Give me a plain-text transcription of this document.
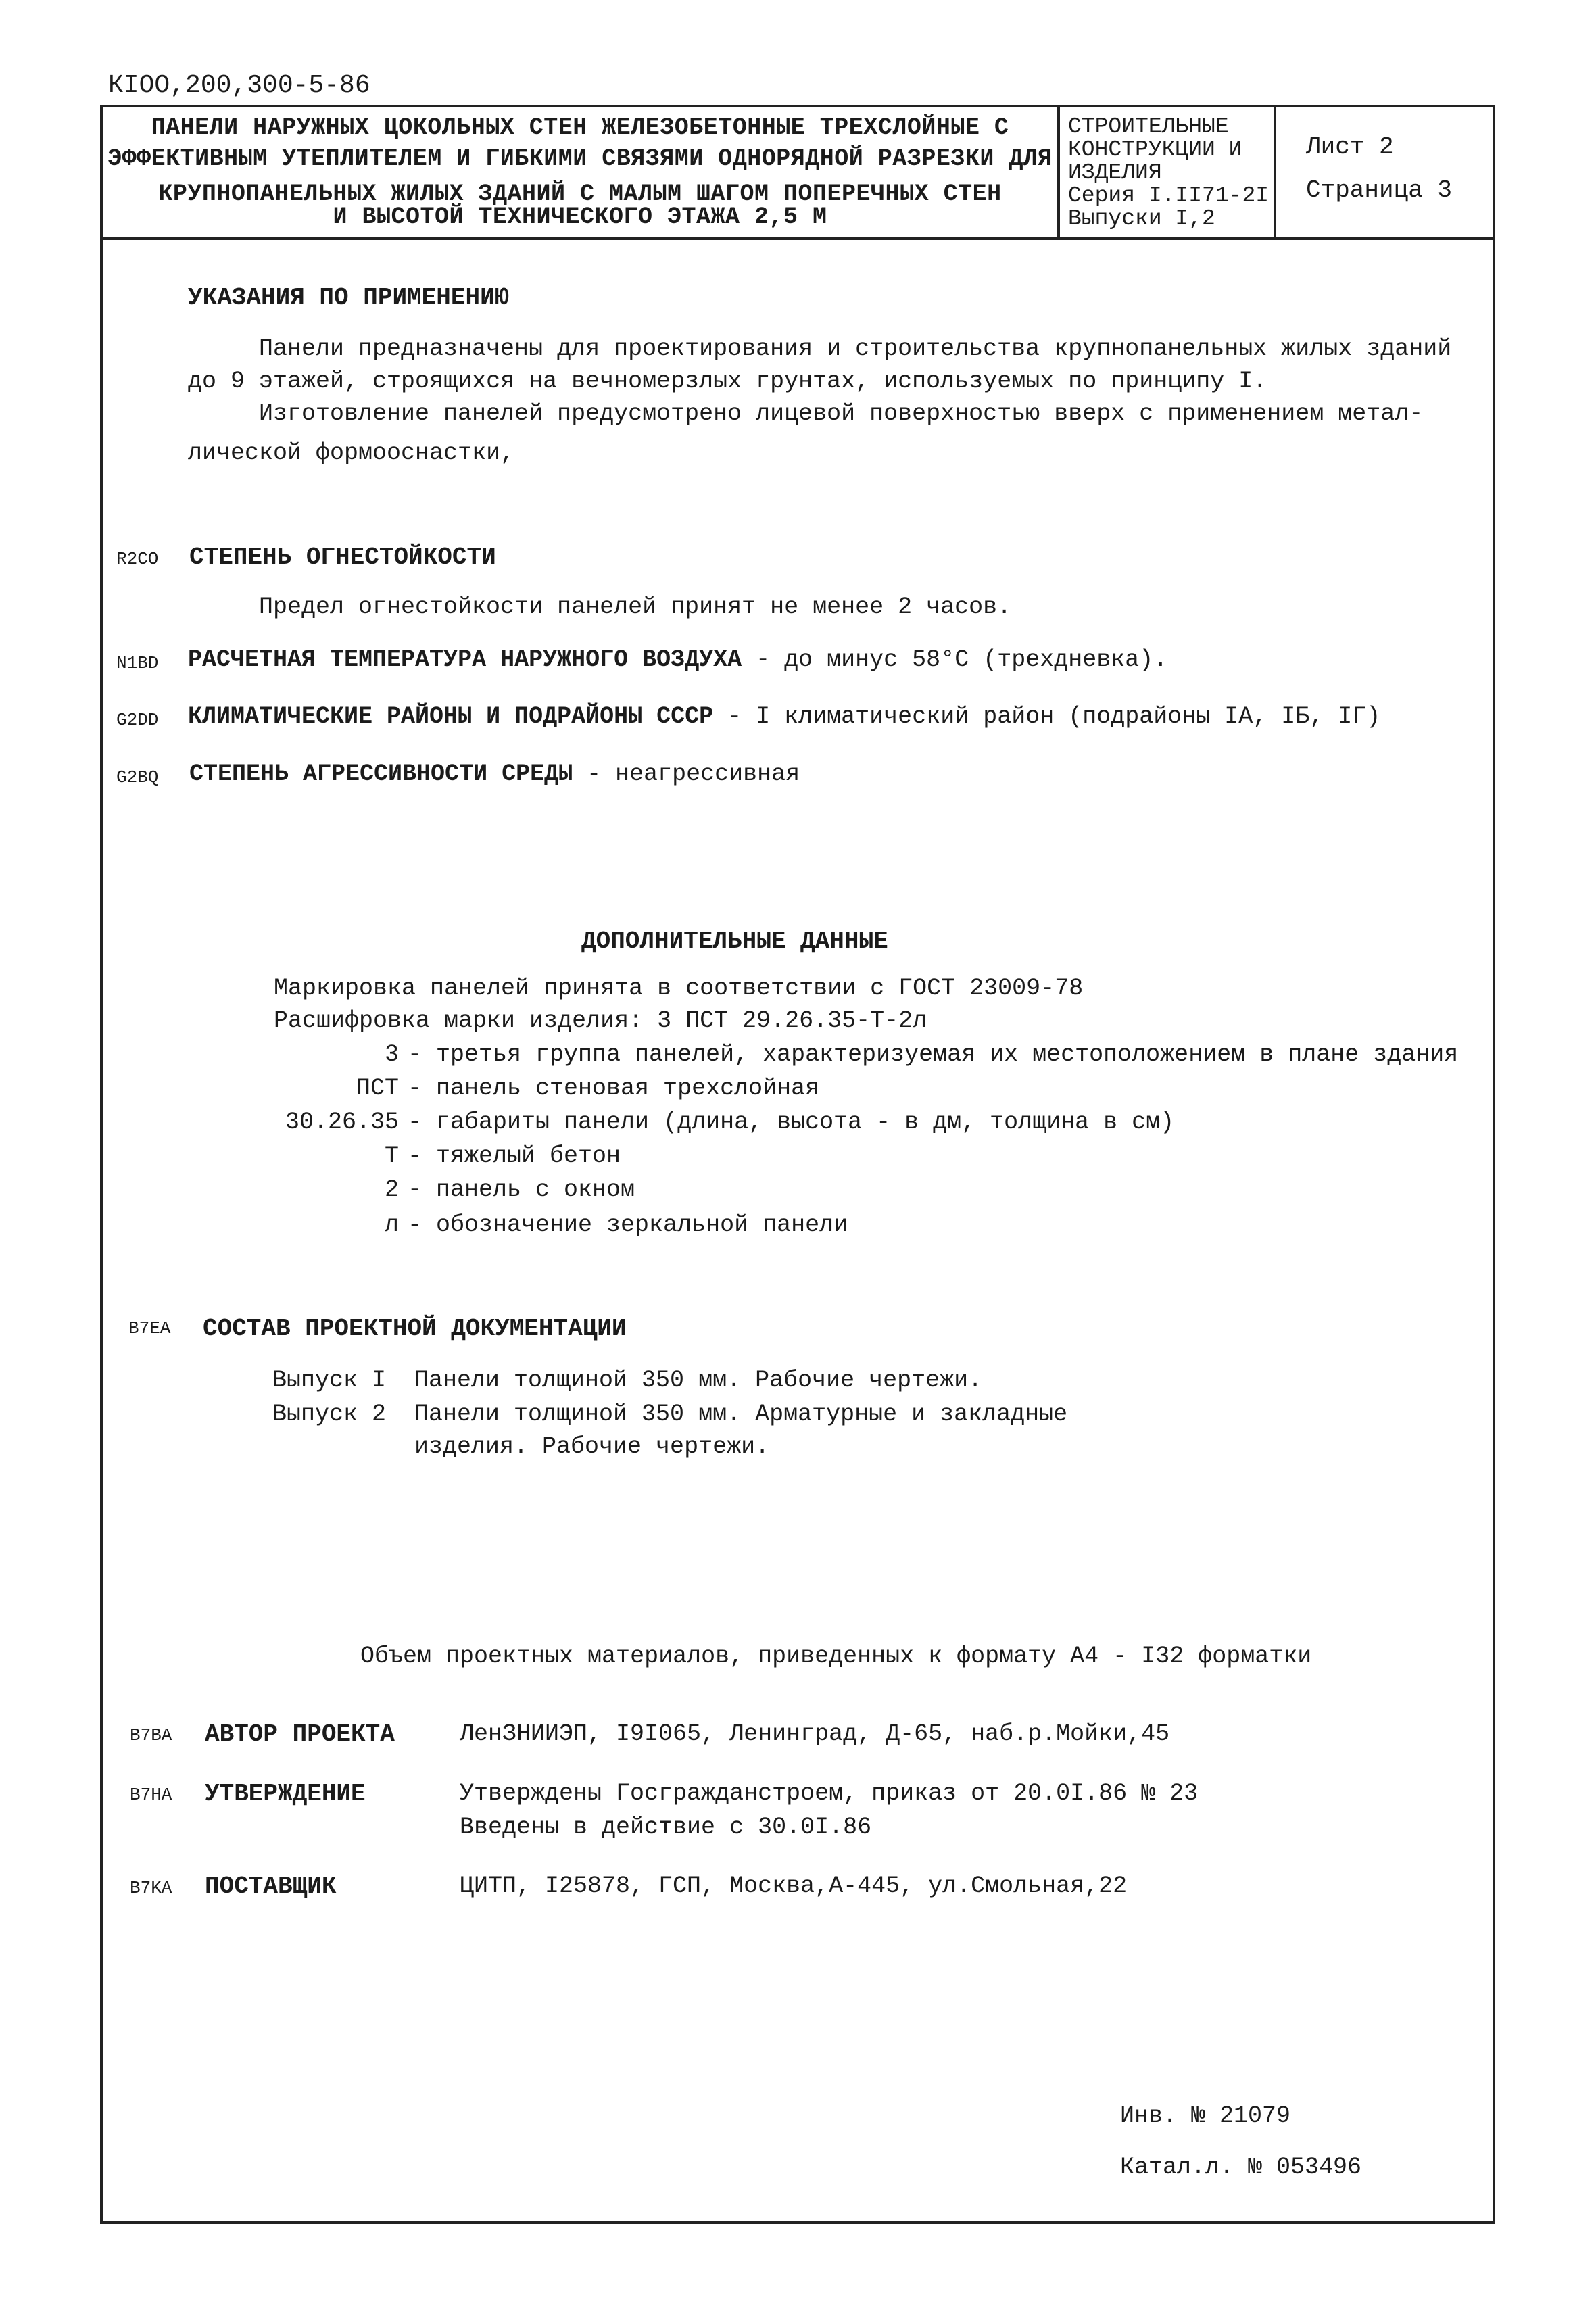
КIOO,200,300-5-86
ПАНЕЛИ НАРУЖНЫХ ЦОКОЛЬНЫХ СТЕН ЖЕЛЕЗОБЕТОННЫЕ ТРЕХСЛОЙНЫЕ С
ЭФФЕКТИВНЫМ УТЕПЛИТЕЛЕМ И ГИБКИМИ СВЯЗЯМИ ОДНОРЯДНОЙ РАЗРЕЗКИ ДЛЯ
КРУПНОПАНЕЛЬНЫХ ЖИЛЫХ ЗДАНИЙ С МАЛЫМ ШАГОМ ПОПЕРЕЧНЫХ СТЕН
И ВЫСОТОЙ ТЕХНИЧЕСКОГО ЭТАЖА 2,5 М
СТРОИТЕЛЬНЫЕ
КОНСТРУКЦИИ И
ИЗДЕЛИЯ
Серия I.II71-2I
Выпуски I,2
Лист 2
Страница 3
УКАЗАНИЯ ПО ПРИМЕНЕНИЮ
Панели предназначены для проектирования и строительства крупнопанельных жилых зданий
до 9 этажей, строящихся на вечномерзлых грунтах, используемых по принципу I.
Изготовление панелей предусмотрено лицевой поверхностью вверх с применением метал-
лической формооснастки,
R2CO СТЕПЕНЬ ОГНЕСТОЙКОСТИ
Предел огнестойкости панелей принят не менее 2 часов.
N1BD РАСЧЕТНАЯ ТЕМПЕРАТУРА НАРУЖНОГО ВОЗДУХА - до минус 58°С (трехдневка).
G2DD КЛИМАТИЧЕСКИЕ РАЙОНЫ И ПОДРАЙОНЫ СССР - I климатический район (подрайоны IА, IБ, IГ)
G2BQ СТЕПЕНЬ АГРЕССИВНОСТИ СРЕДЫ - неагрессивная
ДОПОЛНИТЕЛЬНЫЕ ДАННЫЕ
Маркировка панелей принята в соответствии с ГОСТ 23009-78
Расшифровка марки изделия: 3 ПСТ 29.26.35-Т-2л
3 - третья группа панелей, характеризуемая их местоположением в плане здания
ПСТ - панель стеновая трехслойная
30.26.35 - габариты панели (длина, высота - в дм, толщина в см)
Т - тяжелый бетон
2 - панель с окном
л - обозначение зеркальной панели
B7EA СОСТАВ ПРОЕКТНОЙ ДОКУМЕНТАЦИИ
Выпуск I Панели толщиной 350 мм. Рабочие чертежи.
Выпуск 2 Панели толщиной 350 мм. Арматурные и закладные
изделия. Рабочие чертежи.
Объем проектных материалов, приведенных к формату А4 - I32 форматки
B7BA АВТОР ПРОЕКТА	ЛенЗНИИЭП, I9I065, Ленинград, Д-65, наб.р.Мойки,45
B7HA УТВЕРЖДЕНИЕ	Утверждены Госгражданстроем, приказ от 20.0I.86 № 23
Введены в действие с 30.0I.86
B7KA ПОСТАВЩИК	ЦИТП, I25878, ГСП, Москва,А-445, ул.Смольная,22
Инв. № 21079
Катал.л. № 053496
